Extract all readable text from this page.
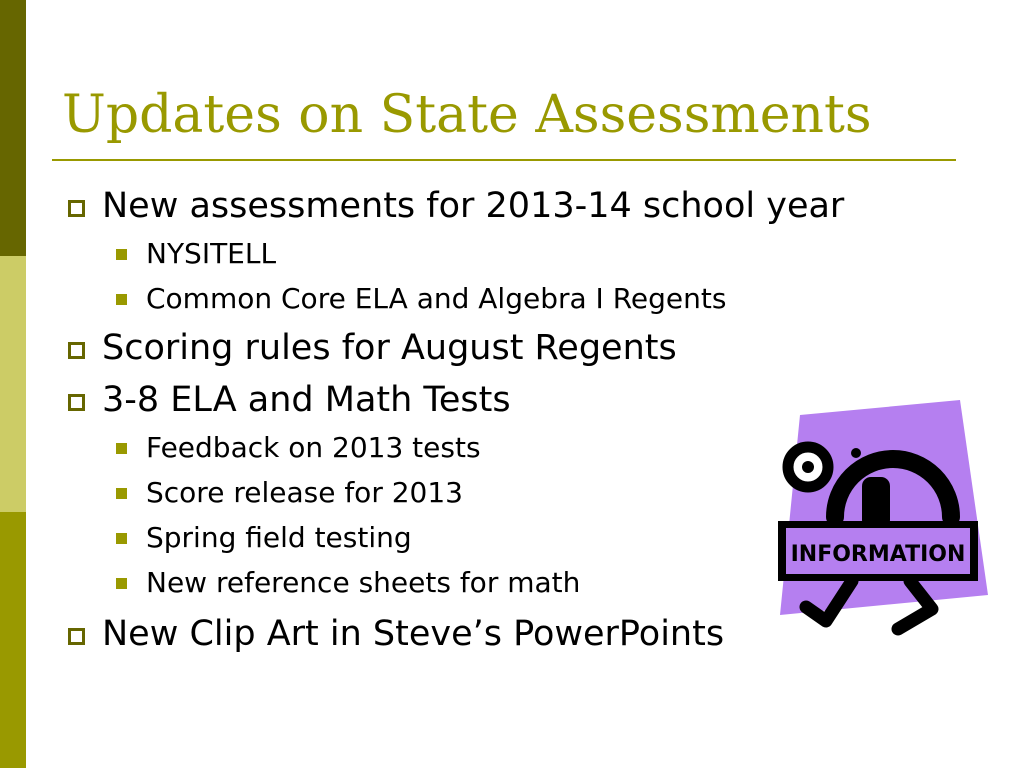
Updates on State Assessments
New assessments for 2013-14 school year
NYSITELL
Common Core ELA and Algebra I Regents
Scoring rules for August Regents
3-8 ELA and Math Tests
Feedback on 2013 tests
Score release for 2013
Spring field testing
New reference sheets for math
New Clip Art in Steve’s PowerPoints
INFORMATION
